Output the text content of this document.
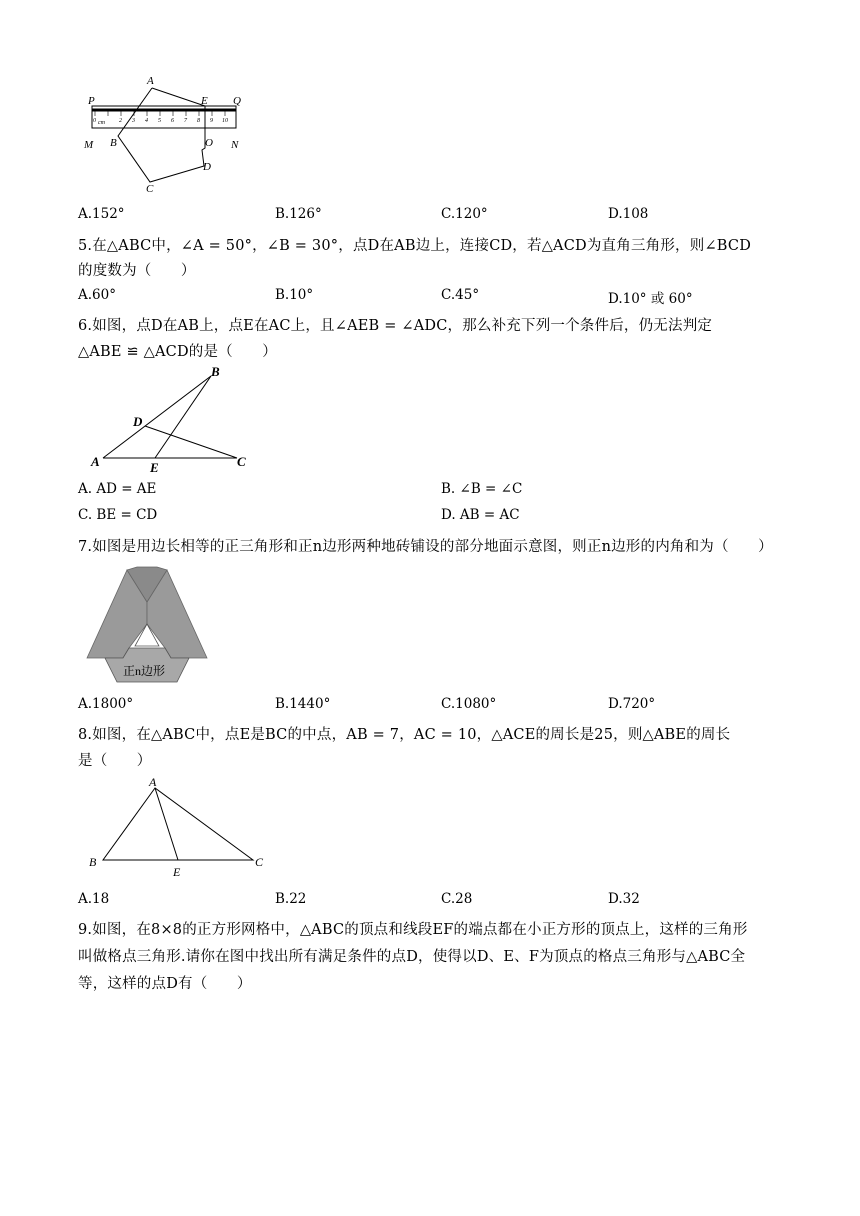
0 cm 2 3 4 5 6 7 8 9 10
P
A
E Q
M B	O N
D
C
A.152°	B.126°	C.120°	D.108
5.在△ABC中，∠A = 50°，∠B = 30°，点D在AB边上，连接CD，若△ACD为直角三角形，则∠BCD
的度数为（　　）
A.60°	B.10°	C.45°	D.10° 或 60°
6.如图，点D在AB上，点E在AC上，且∠AEB = ∠ADC，那么补充下列一个条件后，仍无法判定
△ABE ≌ △ACD的是（　　）
A
B
C
D
E
A. AD = AE	B. ∠B = ∠C
C. BE = CD	D. AB = AC
7.如图是用边长相等的正三角形和正n边形两种地砖铺设的部分地面示意图，则正n边形的内角和为（　　）
正n边形
A.1800°	B.1440°	C.1080°	D.720°
8.如图，在△ABC中，点E是BC的中点，AB = 7，AC = 10，△ACE的周长是25，则△ABE的周长
是（　　）
A
B	C
E
A.18	B.22	C.28	D.32
9.如图，在8×8的正方形网格中，△ABC的顶点和线段EF的端点都在小正方形的顶点上，这样的三角形
叫做格点三角形.请你在图中找出所有满足条件的点D，使得以D、E、F为顶点的格点三角形与△ABC全
等，这样的点D有（　　）
